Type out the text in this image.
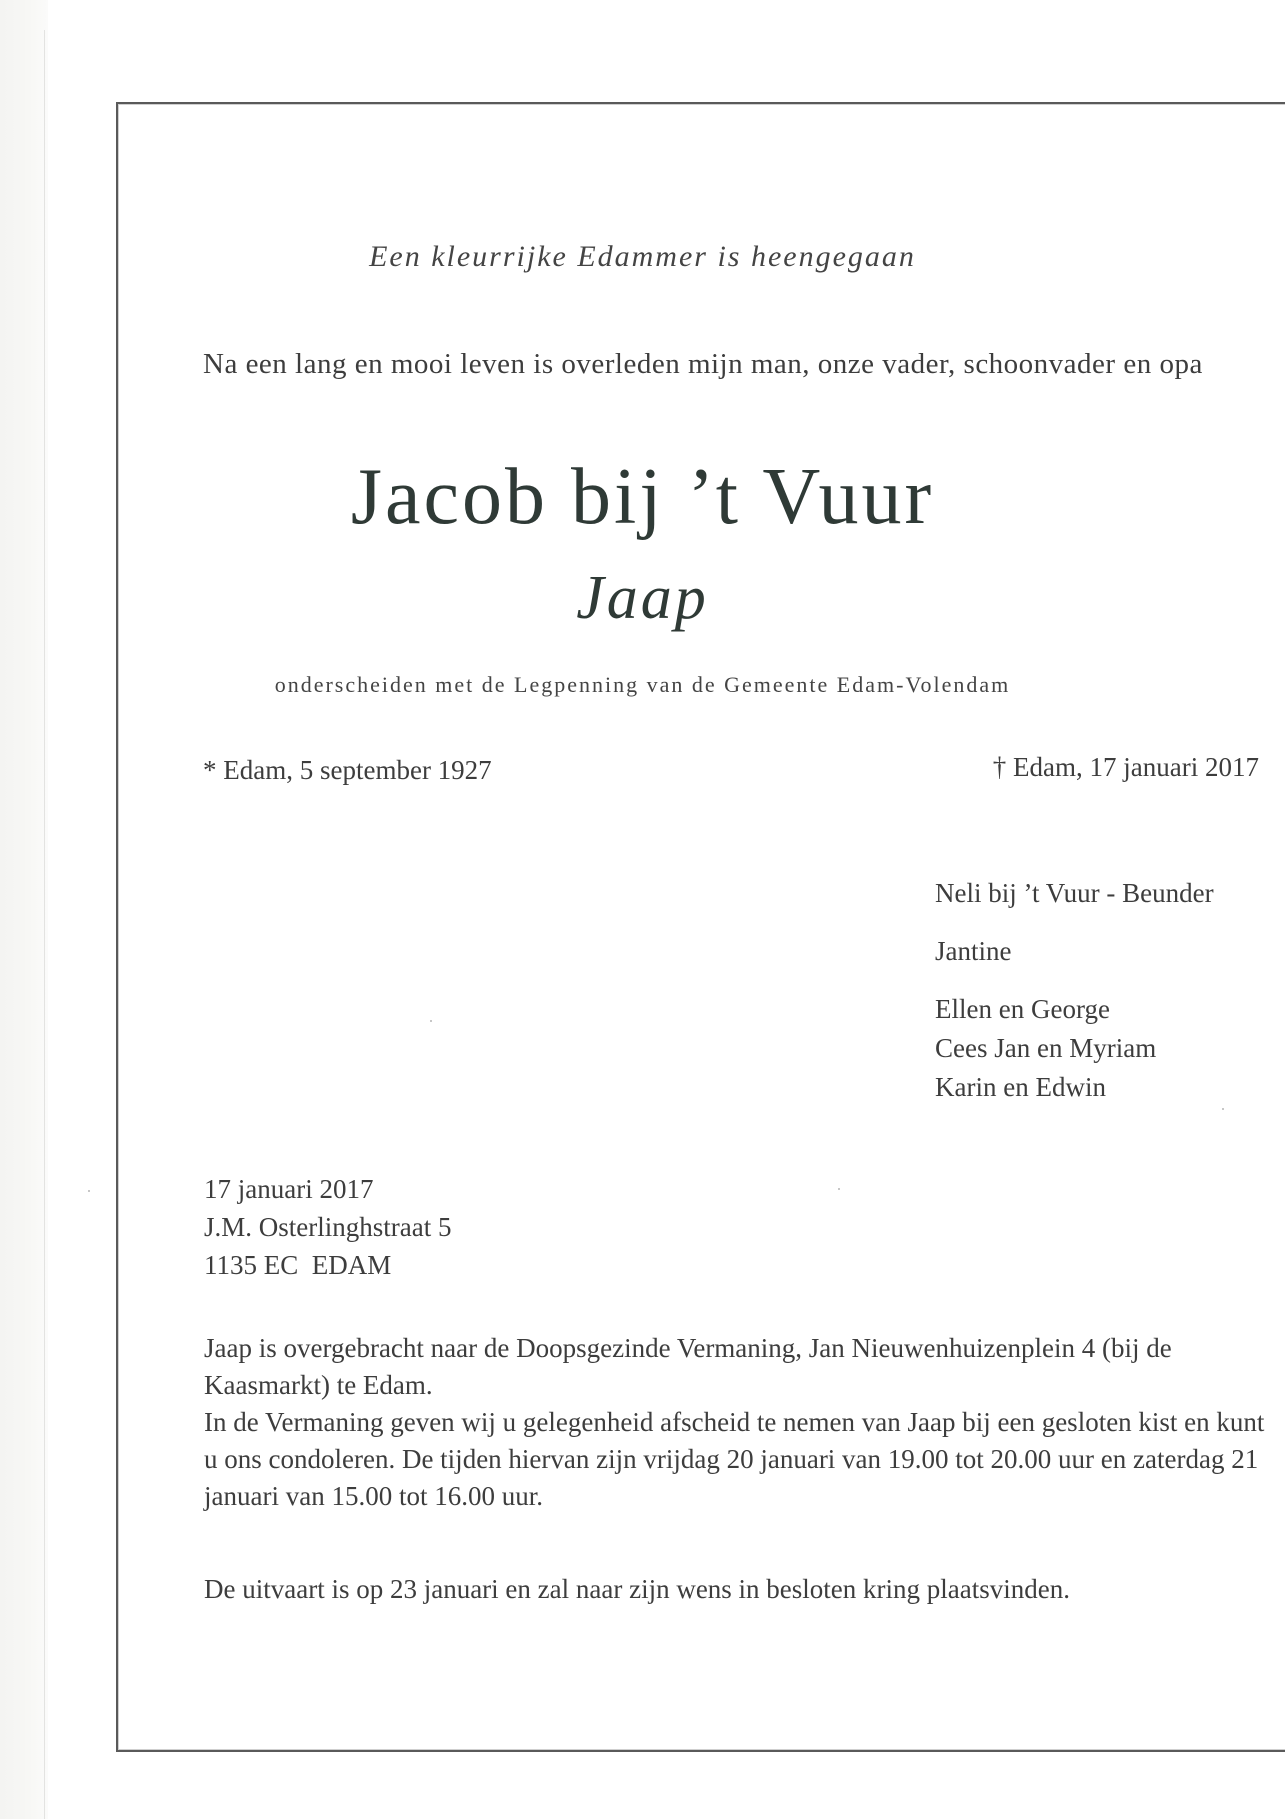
Een kleurrijke Edammer is heengegaan
Na een lang en mooi leven is overleden mijn man, onze vader, schoonvader en opa
Jacob bij ’t Vuur
Jaap
onderscheiden met de Legpenning van de Gemeente Edam-Volendam
* Edam, 5 september 1927	† Edam, 17 januari 2017
Neli bij ’t Vuur - Beunder
Jantine
Ellen en George
Cees Jan en Myriam
Karin en Edwin
17 januari 2017
J.M. Osterlinghstraat 5
1135 EC  EDAM

Jaap is overgebracht naar de Doopsgezinde Vermaning, Jan Nieuwenhuizenplein 4 (bij de Kaasmarkt) te Edam.

In de Vermaning geven wij u gelegenheid afscheid te nemen van Jaap bij een gesloten kist en kunt u ons condoleren. De tijden hiervan zijn vrijdag 20 januari van 19.00 tot 20.00 uur en zaterdag 21 januari van 15.00 tot 16.00 uur.

De uitvaart is op 23 januari en zal naar zijn wens in besloten kring plaatsvinden.
